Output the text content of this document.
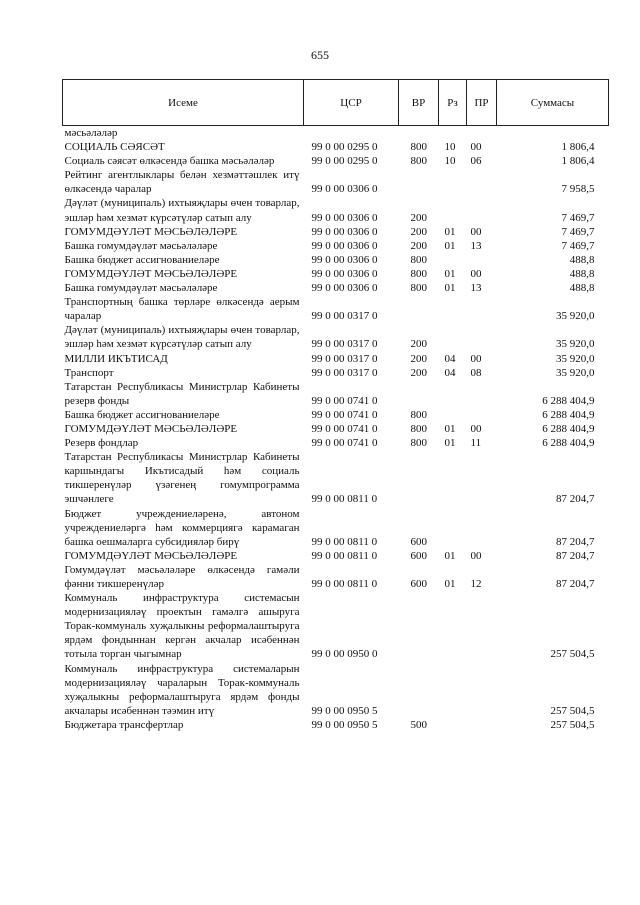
655
Исеме	ЦСР	ВР	Рз	ПР	Суммасы
мәсьәләләр					
СОЦИАЛЬ СӘЯСӘТ	99 0 00 0295 0	800	10	00	1 806,4
Социаль сәясәт өлкәсендә башка мәсьәләләр	99 0 00 0295 0	800	10	06	1 806,4
Рейтинг агентлыклары белән хезмәттәшлек итү өлкәсендә чаралар	99 0 00 0306 0				7 958,5
Дәүләт (муниципаль) ихтыяҗлары өчен товарлар, эшләр һәм хезмәт күрсәтүләр сатып алу	99 0 00 0306 0	200			7 469,7
ГОМУМДӘҮЛӘТ МӘСЬӘЛӘЛӘРЕ	99 0 00 0306 0	200	01	00	7 469,7
Башка гомумдәүләт мәсьәләләре	99 0 00 0306 0	200	01	13	7 469,7
Башка бюджет ассигнованиеләре	99 0 00 0306 0	800			488,8
ГОМУМДӘҮЛӘТ МӘСЬӘЛӘЛӘРЕ	99 0 00 0306 0	800	01	00	488,8
Башка гомумдәүләт мәсьәләләре	99 0 00 0306 0	800	01	13	488,8
Транспортның башка төрләре өлкәсендә аерым чаралар	99 0 00 0317 0				35 920,0
Дәүләт (муниципаль) ихтыяҗлары өчен товарлар, эшләр һәм хезмәт күрсәтүләр сатып алу	99 0 00 0317 0	200			35 920,0
МИЛЛИ ИКЪТИСАД	99 0 00 0317 0	200	04	00	35 920,0
Транспорт	99 0 00 0317 0	200	04	08	35 920,0
Татарстан Республикасы Министрлар Кабинеты резерв фонды	99 0 00 0741 0				6 288 404,9
Башка бюджет ассигнованиеләре	99 0 00 0741 0	800			6 288 404,9
ГОМУМДӘҮЛӘТ МӘСЬӘЛӘЛӘРЕ	99 0 00 0741 0	800	01	00	6 288 404,9
Резерв фондлар	99 0 00 0741 0	800	01	11	6 288 404,9
Татарстан Республикасы Министрлар Кабинеты каршындагы Икътисадый һәм социаль тикшеренүләр үзәгенең гомумпрограмма эшчәнлеге	99 0 00 0811 0				87 204,7
Бюджет учреждениеләренә, автоном учреждениеләргә һәм коммерциягә карамаган башка оешмаларга субсидияләр бирү	99 0 00 0811 0	600			87 204,7
ГОМУМДӘҮЛӘТ МӘСЬӘЛӘЛӘРЕ	99 0 00 0811 0	600	01	00	87 204,7
Гомумдәүләт мәсьәләләре өлкәсендә гамәли фәнни тикшеренүләр	99 0 00 0811 0	600	01	12	87 204,7
Коммуналь инфраструктура системасын модернизацияләү проектын гамәлгә ашыруга Торак-коммуналь хуҗалыкны реформалаштыруга ярдәм фондыннан кергән акчалар исәбеннән тотыла торган чыгымнар	99 0 00 0950 0				257 504,5
Коммуналь инфраструктура системаларын модернизацияләү чараларын Торак-коммуналь хуҗалыкны реформалаштыруга ярдәм фонды акчалары исәбеннән тәэмин итү	99 0 00 0950 5				257 504,5
Бюджетара трансфертлар	99 0 00 0950 5	500			257 504,5
